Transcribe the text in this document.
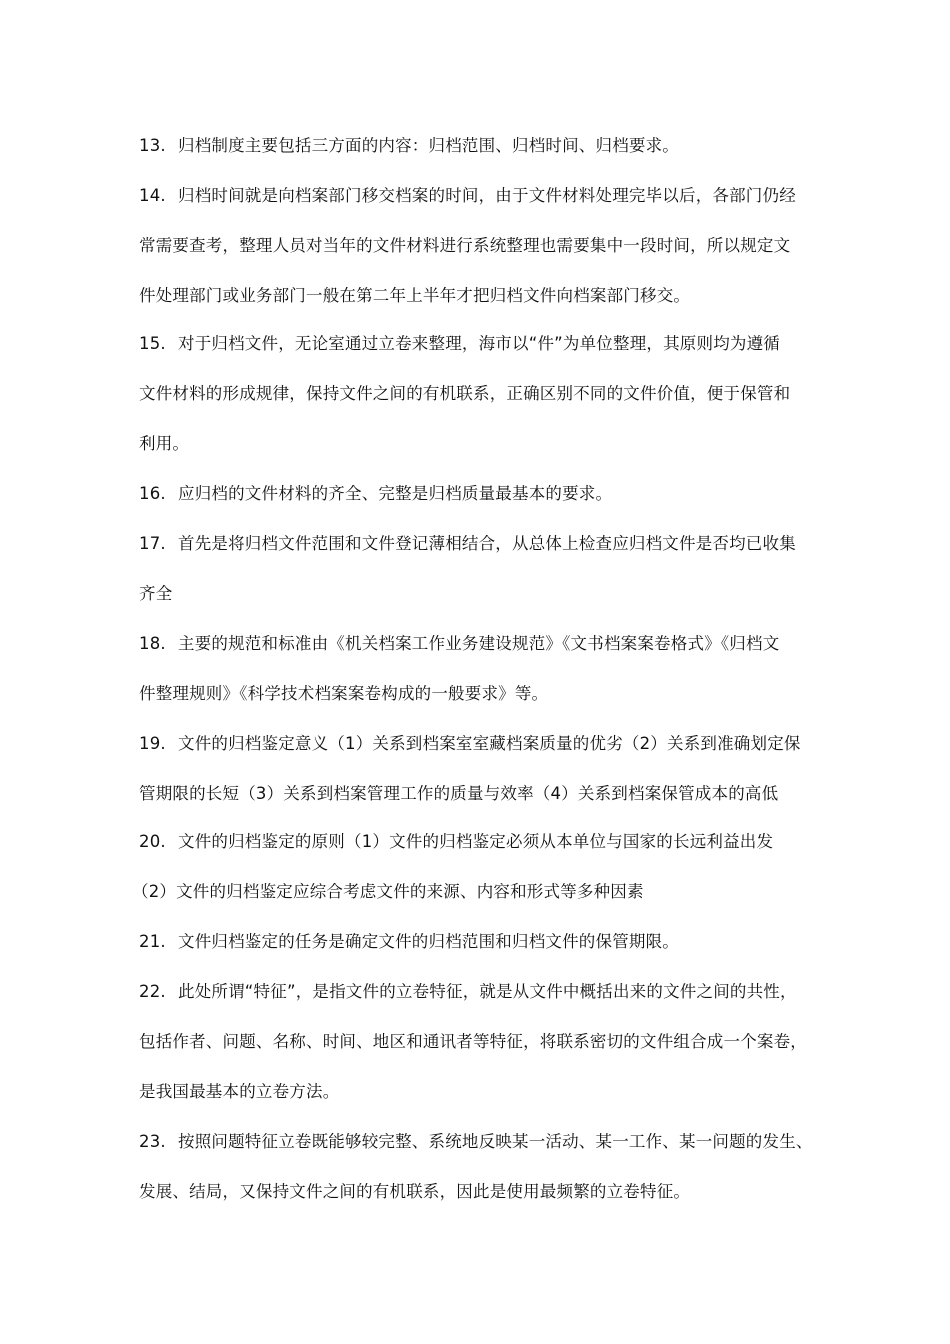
13. 归档制度主要包括三方面的内容：归档范围、归档时间、归档要求。
14. 归档时间就是向档案部门移交档案的时间，由于文件材料处理完毕以后，各部门仍经
常需要查考，整理人员对当年的文件材料进行系统整理也需要集中一段时间，所以规定文
件处理部门或业务部门一般在第二年上半年才把归档文件向档案部门移交。
15. 对于归档文件，无论室通过立卷来整理，海市以“件”为单位整理，其原则均为遵循
文件材料的形成规律，保持文件之间的有机联系，正确区别不同的文件价值，便于保管和
利用。
16. 应归档的文件材料的齐全、完整是归档质量最基本的要求。
17. 首先是将归档文件范围和文件登记薄相结合，从总体上检查应归档文件是否均已收集
齐全
18. 主要的规范和标准由《机关档案工作业务建设规范》《文书档案案卷格式》《归档文
件整理规则》《科学技术档案案卷构成的一般要求》等。
19. 文件的归档鉴定意义（1）关系到档案室室藏档案质量的优劣（2）关系到准确划定保
管期限的长短（3）关系到档案管理工作的质量与效率（4）关系到档案保管成本的高低
20. 文件的归档鉴定的原则（1）文件的归档鉴定必须从本单位与国家的长远利益出发
（2）文件的归档鉴定应综合考虑文件的来源、内容和形式等多种因素
21. 文件归档鉴定的任务是确定文件的归档范围和归档文件的保管期限。
22. 此处所谓“特征”，是指文件的立卷特征，就是从文件中概括出来的文件之间的共性，
包括作者、问题、名称、时间、地区和通讯者等特征，将联系密切的文件组合成一个案卷，
是我国最基本的立卷方法。
23. 按照问题特征立卷既能够较完整、系统地反映某一活动、某一工作、某一问题的发生、
发展、结局，又保持文件之间的有机联系，因此是使用最频繁的立卷特征。
